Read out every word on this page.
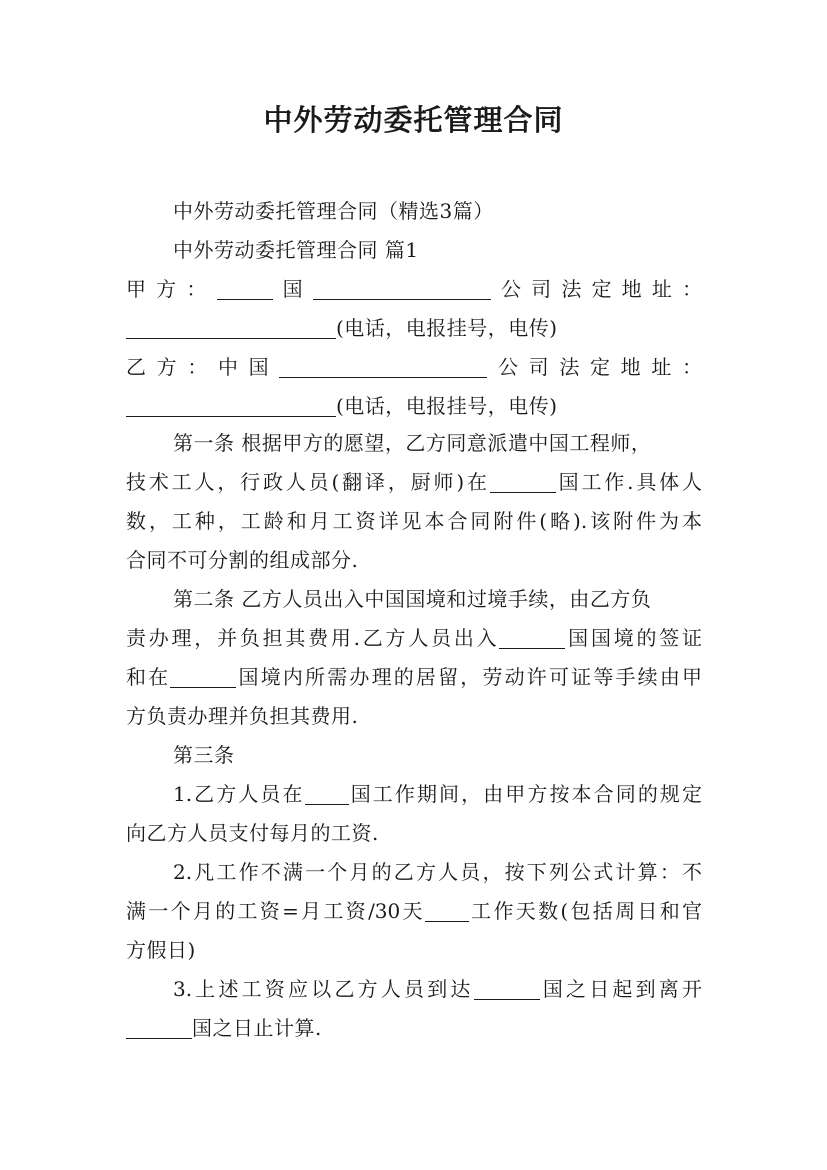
中外劳动委托管理合同
中外劳动委托管理合同（精选3篇）
中外劳动委托管理合同 篇1
甲方：	国	公司法定地址：
(电话，电报挂号，电传)
乙方：中国	公司法定地址：
(电话，电报挂号，电传)
第一条 根据甲方的愿望，乙方同意派遣中国工程师，
技术工人，行政人员(翻译，厨师)在	国工作.具体人
数，工种，工龄和月工资详见本合同附件(略).该附件为本
合同不可分割的组成部分.
第二条 乙方人员出入中国国境和过境手续，由乙方负
责办理，并负担其费用.乙方人员出入	国国境的签证
和在	国境内所需办理的居留，劳动许可证等手续由甲
方负责办理并负担其费用.
第三条
1.乙方人员在 国工作期间，由甲方按本合同的规定
向乙方人员支付每月的工资.
2.凡工作不满一个月的乙方人员，按下列公式计算：不
满一个月的工资=月工资/30天 工作天数(包括周日和官
方假日)
3.上述工资应以乙方人员到达	国之日起到离开
国之日止计算.
